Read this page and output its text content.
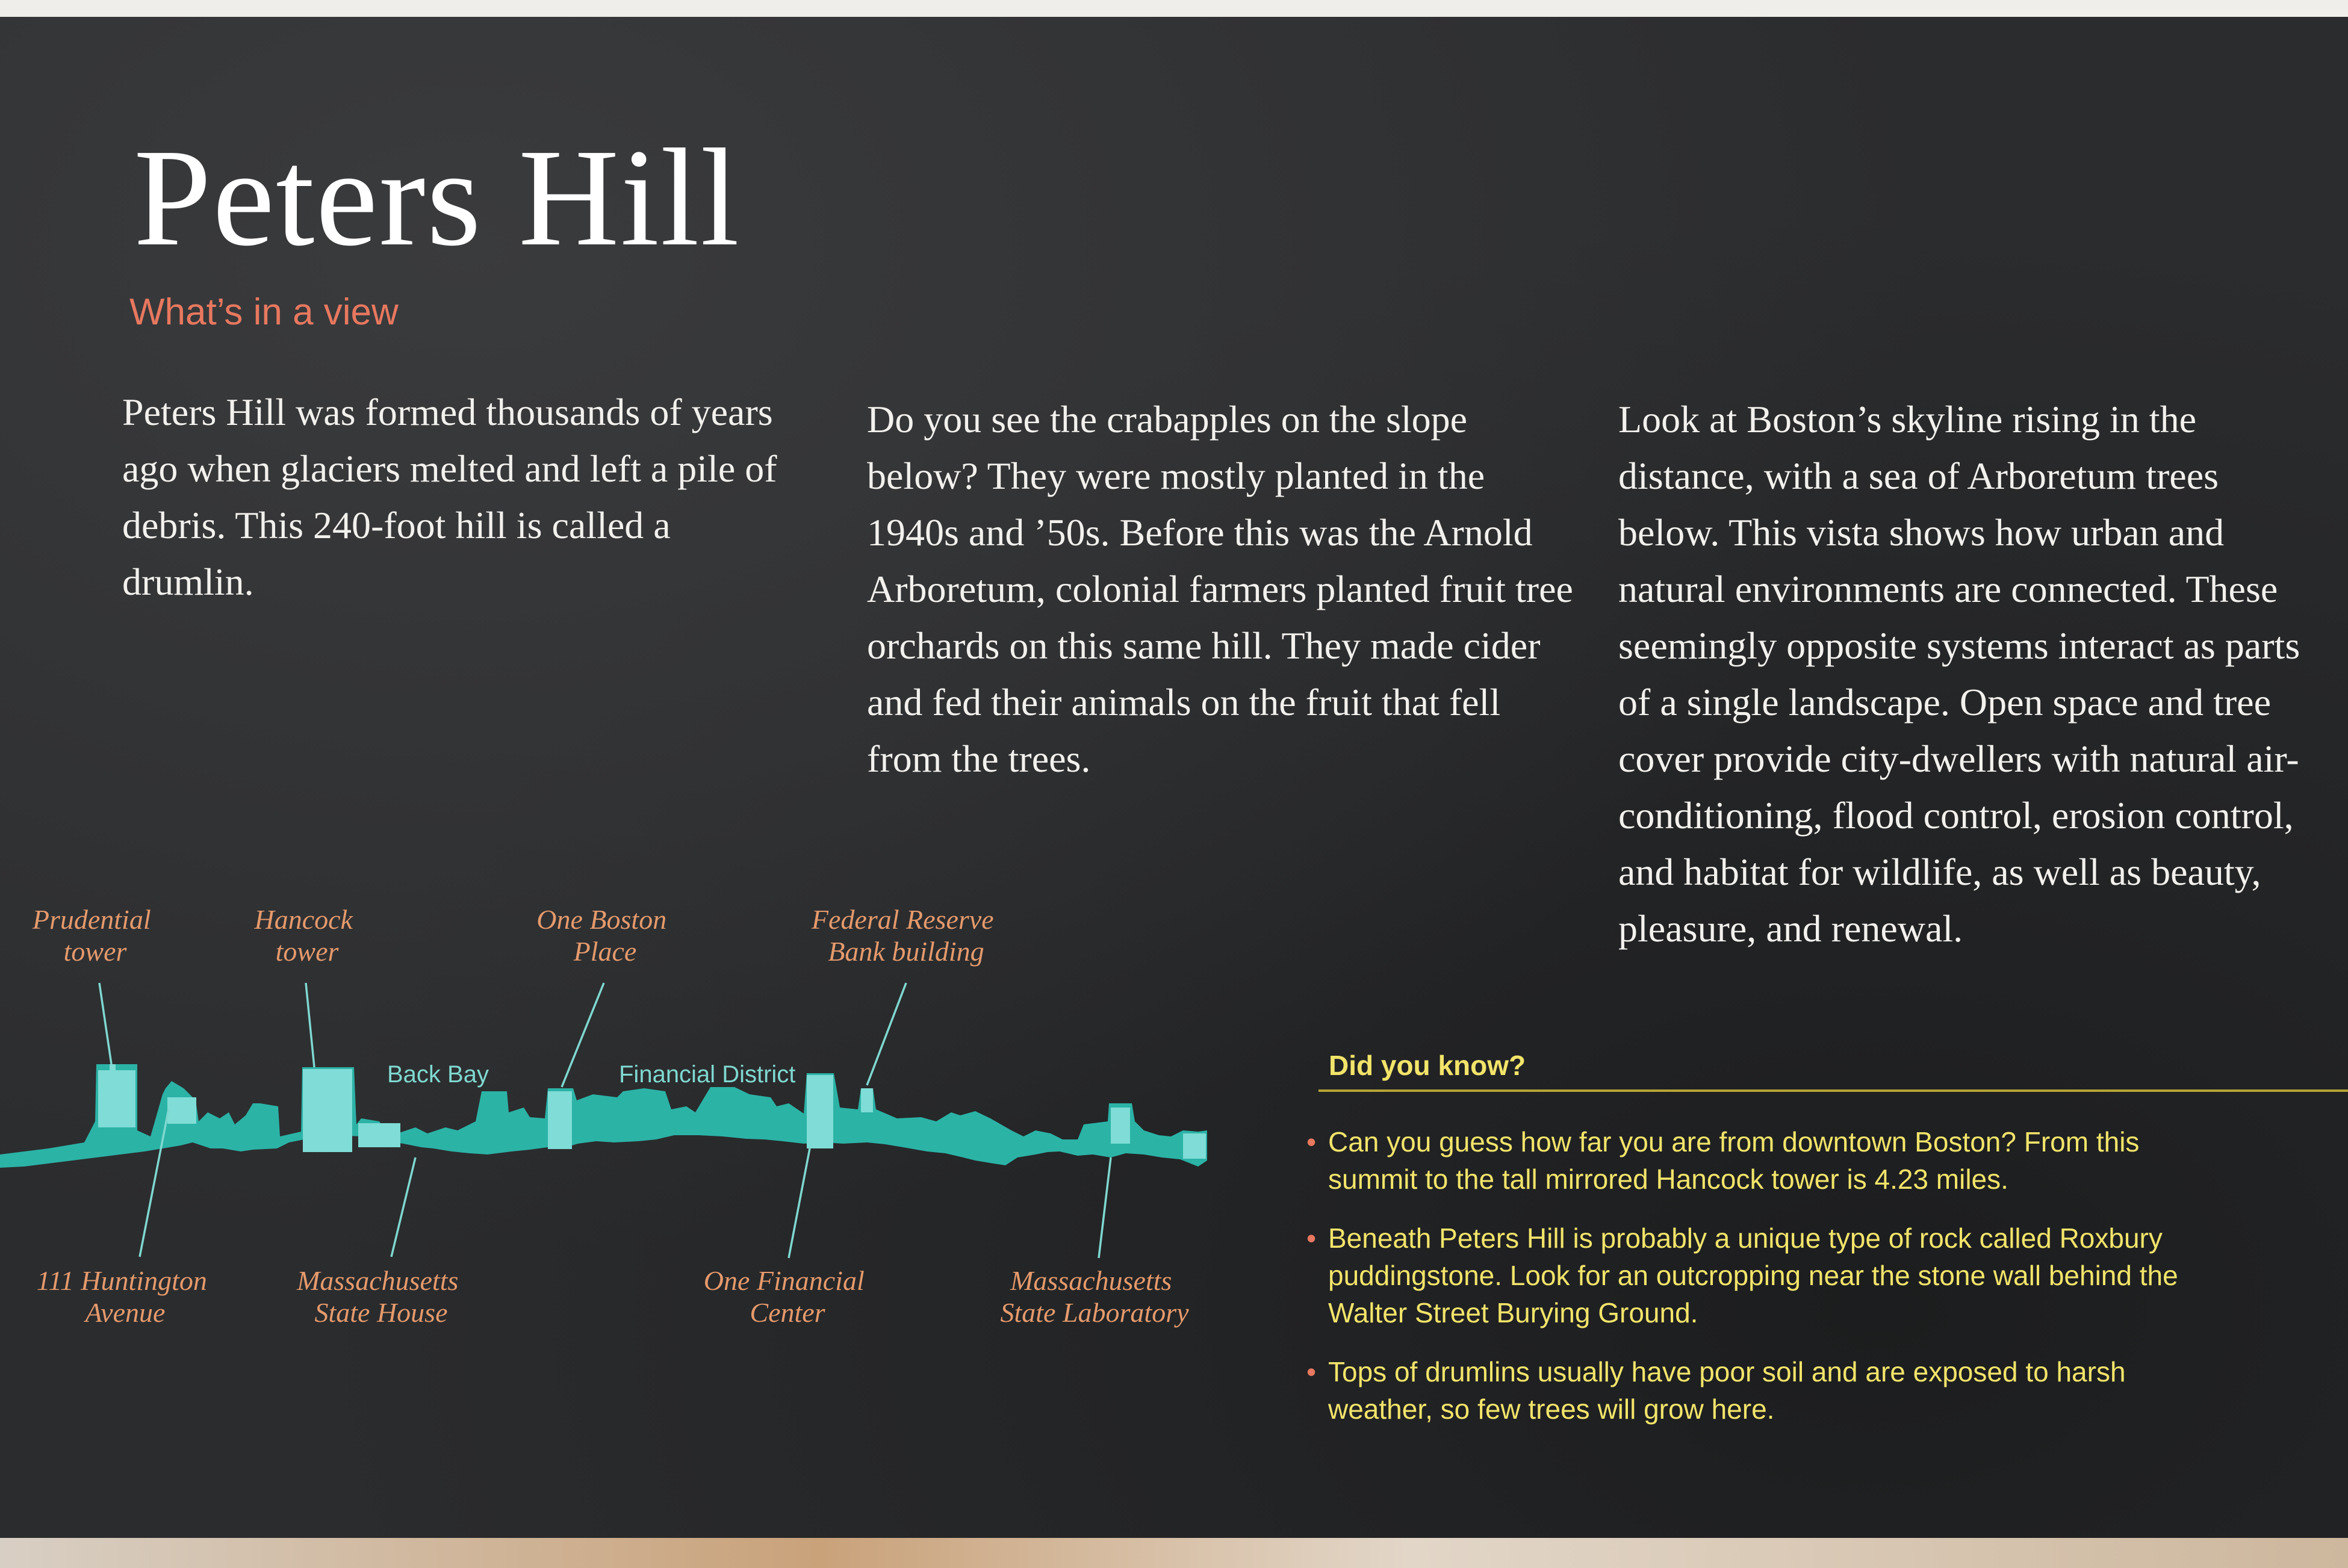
Peters Hill
What’s in a view

Peters Hill was formed thousands of years ago when glaciers melted and left a pile of debris. This 240-foot hill is called a drumlin.

Do you see the crabapples on the slope below? They were mostly planted in the 1940s and ’50s. Before this was the Arnold Arboretum, colonial farmers planted fruit tree orchards on this same hill. They made cider and fed their animals on the fruit that fell from the trees.

Look at Boston’s skyline rising in the distance, with a sea of Arboretum trees below. This vista shows how urban and natural environments are connected. These seemingly opposite systems interact as parts of a single landscape. Open space and tree cover provide city-dwellers with natural air-conditioning, flood control, erosion control, and habitat for wildlife, as well as beauty, pleasure, and renewal.

Prudential tower
Hancock tower
One Boston Place
Federal Reserve Bank building
Back Bay	Financial District
111 Huntington Avenue
Massachusetts State House
One Financial Center
Massachusetts State Laboratory
Did you know?
• Can you guess how far you are from downtown Boston? From this summit to the tall mirrored Hancock tower is 4.23 miles.
• Beneath Peters Hill is probably a unique type of rock called Roxbury puddingstone. Look for an outcropping near the stone wall behind the Walter Street Burying Ground.
• Tops of drumlins usually have poor soil and are exposed to harsh weather, so few trees will grow here.
